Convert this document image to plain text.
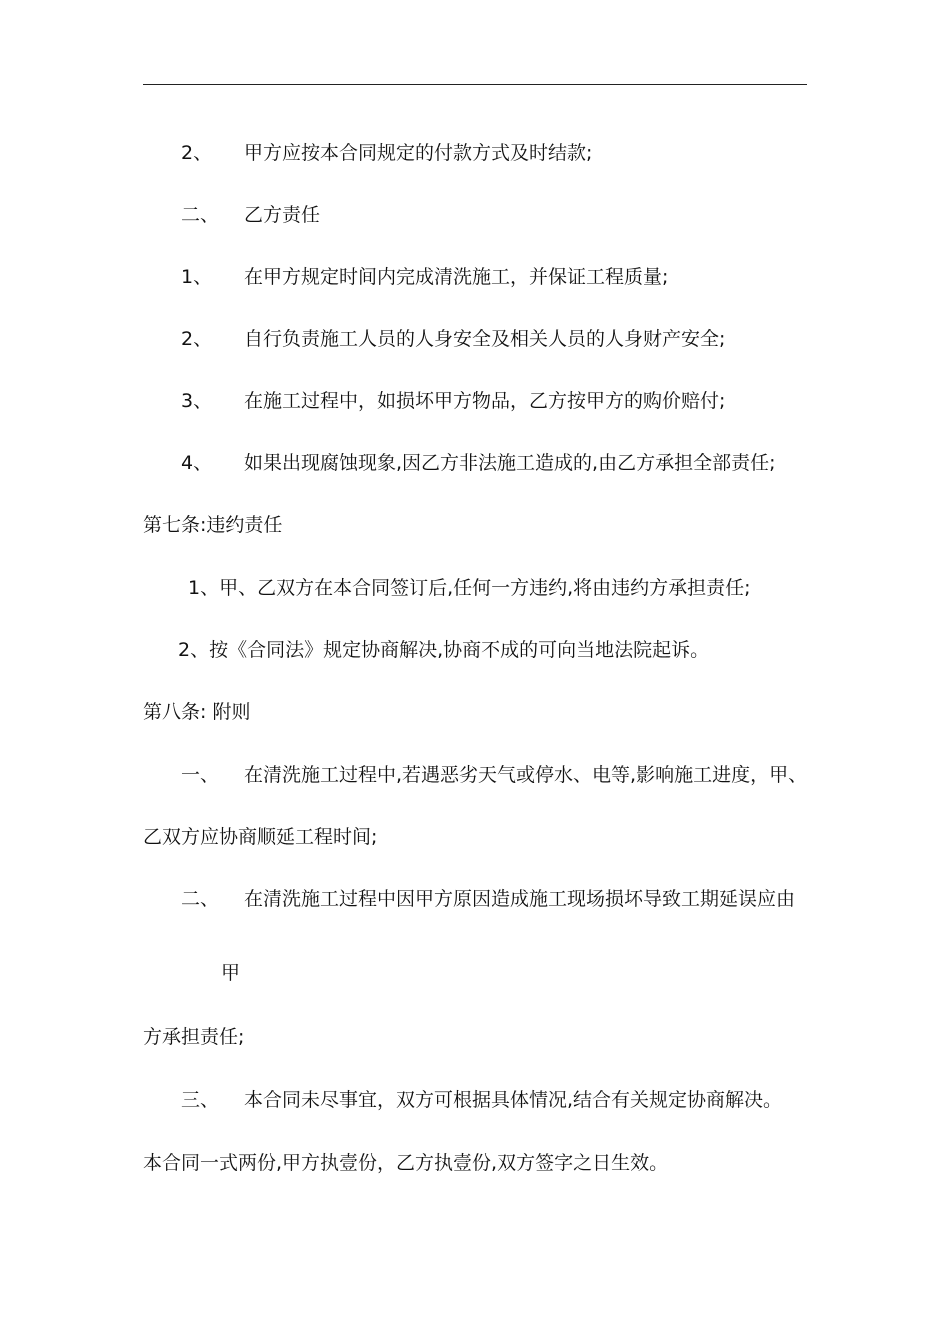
2、 甲方应按本合同规定的付款方式及时结款;
二、 乙方责任
1、 在甲方规定时间内完成清洗施工，并保证工程质量;
2、 自行负责施工人员的人身安全及相关人员的人身财产安全;
3、 在施工过程中，如损坏甲方物品，乙方按甲方的购价赔付;
4、 如果出现腐蚀现象,因乙方非法施工造成的,由乙方承担全部责任;
第七条:违约责任
1、甲、乙双方在本合同签订后,任何一方违约,将由违约方承担责任;
2、按《合同法》规定协商解决,协商不成的可向当地法院起诉。
第八条: 附则
一、 在清洗施工过程中,若遇恶劣天气或停水、电等,影响施工进度，甲、
乙双方应协商顺延工程时间;
二、 在清洗施工过程中因甲方原因造成施工现场损坏导致工期延误应由
甲
方承担责任;
三、 本合同未尽事宜，双方可根据具体情况,结合有关规定协商解决。
本合同一式两份,甲方执壹份，乙方执壹份,双方签字之日生效。
